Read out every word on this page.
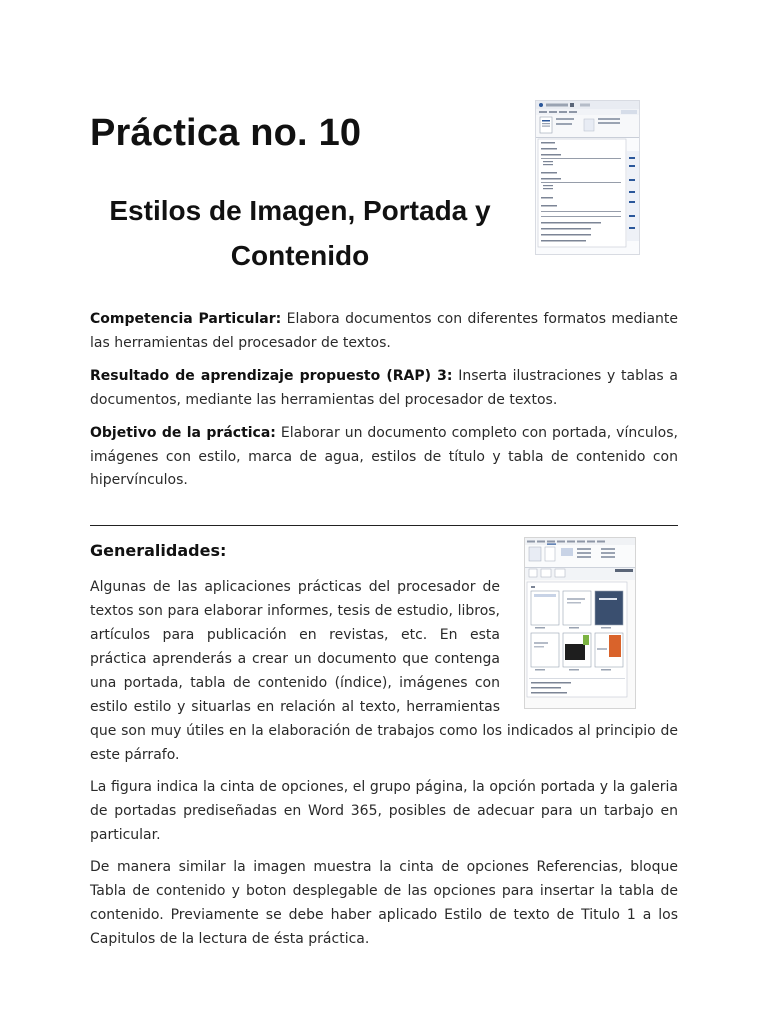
Práctica no. 10
Estilos de Imagen, Portada y
Contenido

Competencia Particular: Elabora documentos con diferentes formatos mediante las herramientas del procesador de textos.

Resultado de aprendizaje propuesto (RAP) 3: Inserta ilustraciones y tablas a documentos, mediante las herramientas del procesador de textos.

Objetivo de la práctica: Elaborar un documento completo con portada, vínculos, imágenes con estilo, marca de agua, estilos de título y tabla de contenido con hipervínculos.

Generalidades:

Algunas de las aplicaciones prácticas del procesador de textos son para elaborar informes, tesis de estudio, libros, artículos para publicación en revistas, etc. En esta práctica aprenderás a crear un documento que contenga una portada, tabla de contenido (índice), imágenes con estilo estilo y situarlas en relación al texto, herramientas que son muy útiles en la elaboración de trabajos como los indicados al principio de este párrafo.

La figura indica la cinta de opciones, el grupo página, la opción portada y la galeria de portadas prediseñadas en Word 365, posibles de adecuar para un tarbajo en particular.

De manera similar la imagen muestra la cinta de opciones Referencias, bloque Tabla de contenido y boton desplegable de las opciones para insertar la tabla de contenido. Previamente se debe haber aplicado Estilo de texto de Titulo 1 a los Capitulos de la lectura de ésta práctica.
